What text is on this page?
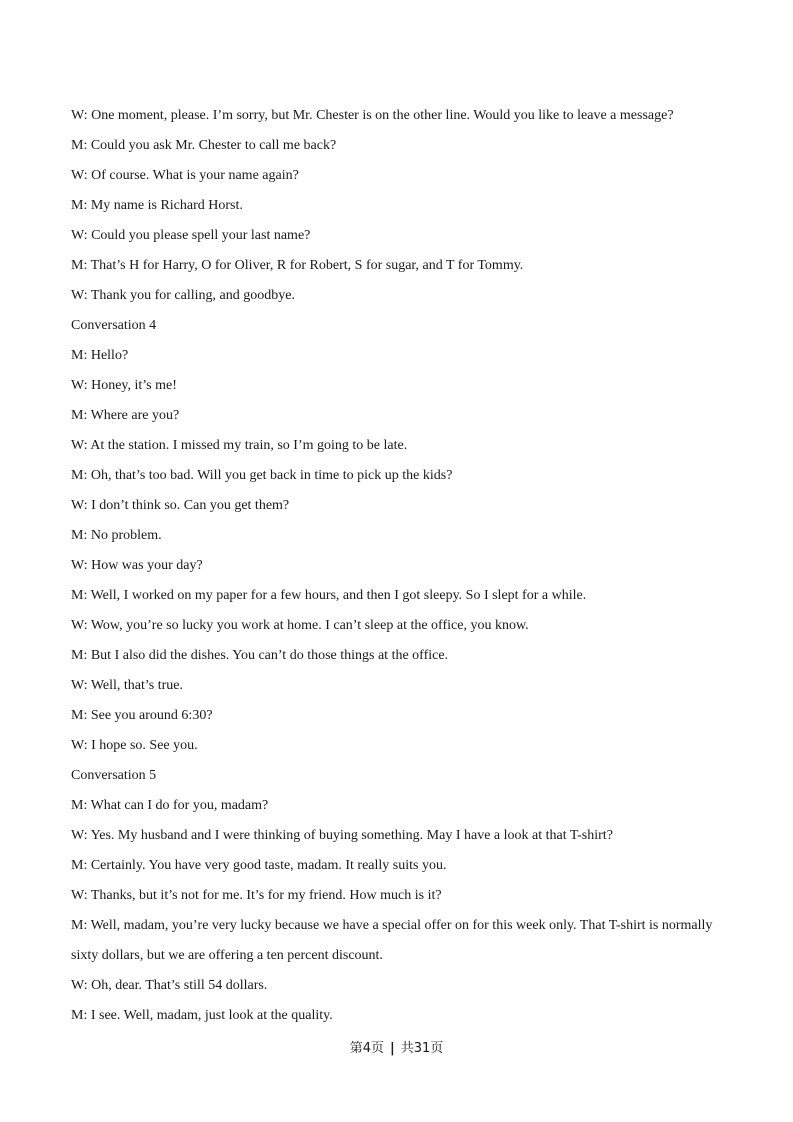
W: One moment, please. I’m sorry, but Mr. Chester is on the other line. Would you like to leave a message?
M: Could you ask Mr. Chester to call me back?
W: Of course. What is your name again?
M: My name is Richard Horst.
W: Could you please spell your last name?
M: That’s H for Harry, O for Oliver, R for Robert, S for sugar, and T for Tommy.
W: Thank you for calling, and goodbye.
Conversation 4
M: Hello?
W: Honey, it’s me!
M: Where are you?
W: At the station. I missed my train, so I’m going to be late.
M: Oh, that’s too bad. Will you get back in time to pick up the kids?
W: I don’t think so. Can you get them?
M: No problem.
W: How was your day?
M: Well, I worked on my paper for a few hours, and then I got sleepy. So I slept for a while.
W: Wow, you’re so lucky you work at home. I can’t sleep at the office, you know.
M: But I also did the dishes. You can’t do those things at the office.
W: Well, that’s true.
M: See you around 6:30?
W: I hope so. See you.
Conversation 5
M: What can I do for you, madam?
W: Yes. My husband and I were thinking of buying something. May I have a look at that T-shirt?
M: Certainly. You have very good taste, madam. It really suits you.
W: Thanks, but it’s not for me. It’s for my friend. How much is it?
M: Well, madam, you’re very lucky because we have a special offer on for this week only. That T-shirt is normally
sixty dollars, but we are offering a ten percent discount.
W: Oh, dear. That’s still 54 dollars.
M: I see. Well, madam, just look at the quality.
第4页 | 共31页
